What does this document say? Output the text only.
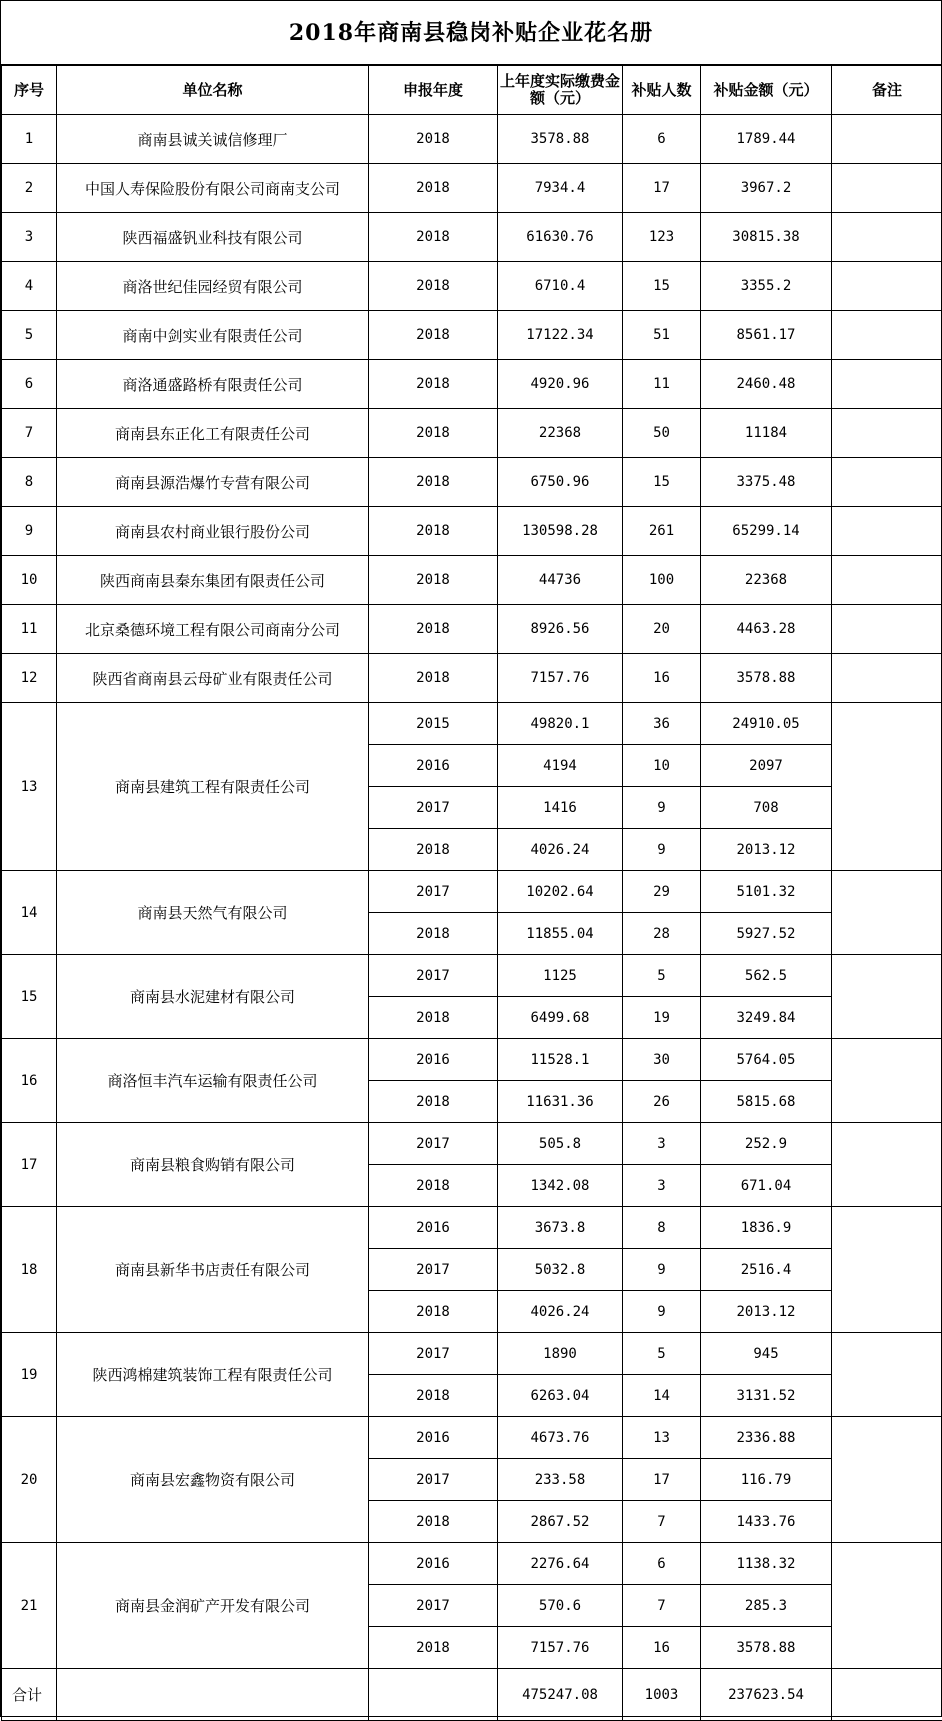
2018年商南县稳岗补贴企业花名册
序号	单位名称	申报年度	上年度实际缴费金额（元）	补贴人数	补贴金额（元）	备注
1	商南县诚关诚信修理厂	2018	3578.88	6	1789.44	
2	中国人寿保险股份有限公司商南支公司	2018	7934.4	17	3967.2	
3	陕西福盛钒业科技有限公司	2018	61630.76	123	30815.38	
4	商洛世纪佳园经贸有限公司	2018	6710.4	15	3355.2	
5	商南中剑实业有限责任公司	2018	17122.34	51	8561.17	
6	商洛通盛路桥有限责任公司	2018	4920.96	11	2460.48	
7	商南县东正化工有限责任公司	2018	22368	50	11184	
8	商南县源浩爆竹专营有限公司	2018	6750.96	15	3375.48	
9	商南县农村商业银行股份公司	2018	130598.28	261	65299.14	
10	陕西商南县秦东集团有限责任公司	2018	44736	100	22368	
11	北京桑德环境工程有限公司商南分公司	2018	8926.56	20	4463.28	
12	陕西省商南县云母矿业有限责任公司	2018	7157.76	16	3578.88	
13	商南县建筑工程有限责任公司	2015	49820.1	36	24910.05	
		2016	4194	10	2097	
		2017	1416	9	708	
		2018	4026.24	9	2013.12	
14	商南县天然气有限公司	2017	10202.64	29	5101.32	
		2018	11855.04	28	5927.52	
15	商南县水泥建材有限公司	2017	1125	5	562.5	
		2018	6499.68	19	3249.84	
16	商洛恒丰汽车运输有限责任公司	2016	11528.1	30	5764.05	
		2018	11631.36	26	5815.68	
17	商南县粮食购销有限公司	2017	505.8	3	252.9	
		2018	1342.08	3	671.04	
18	商南县新华书店责任有限公司	2016	3673.8	8	1836.9	
		2017	5032.8	9	2516.4	
		2018	4026.24	9	2013.12	
19	陕西鸿棉建筑装饰工程有限责任公司	2017	1890	5	945	
		2018	6263.04	14	3131.52	
20	商南县宏鑫物资有限公司	2016	4673.76	13	2336.88	
		2017	233.58	17	116.79	
		2018	2867.52	7	1433.76	
21	商南县金润矿产开发有限公司	2016	2276.64	6	1138.32	
		2017	570.6	7	285.3	
		2018	7157.76	16	3578.88	
合计			475247.08	1003	237623.54	
